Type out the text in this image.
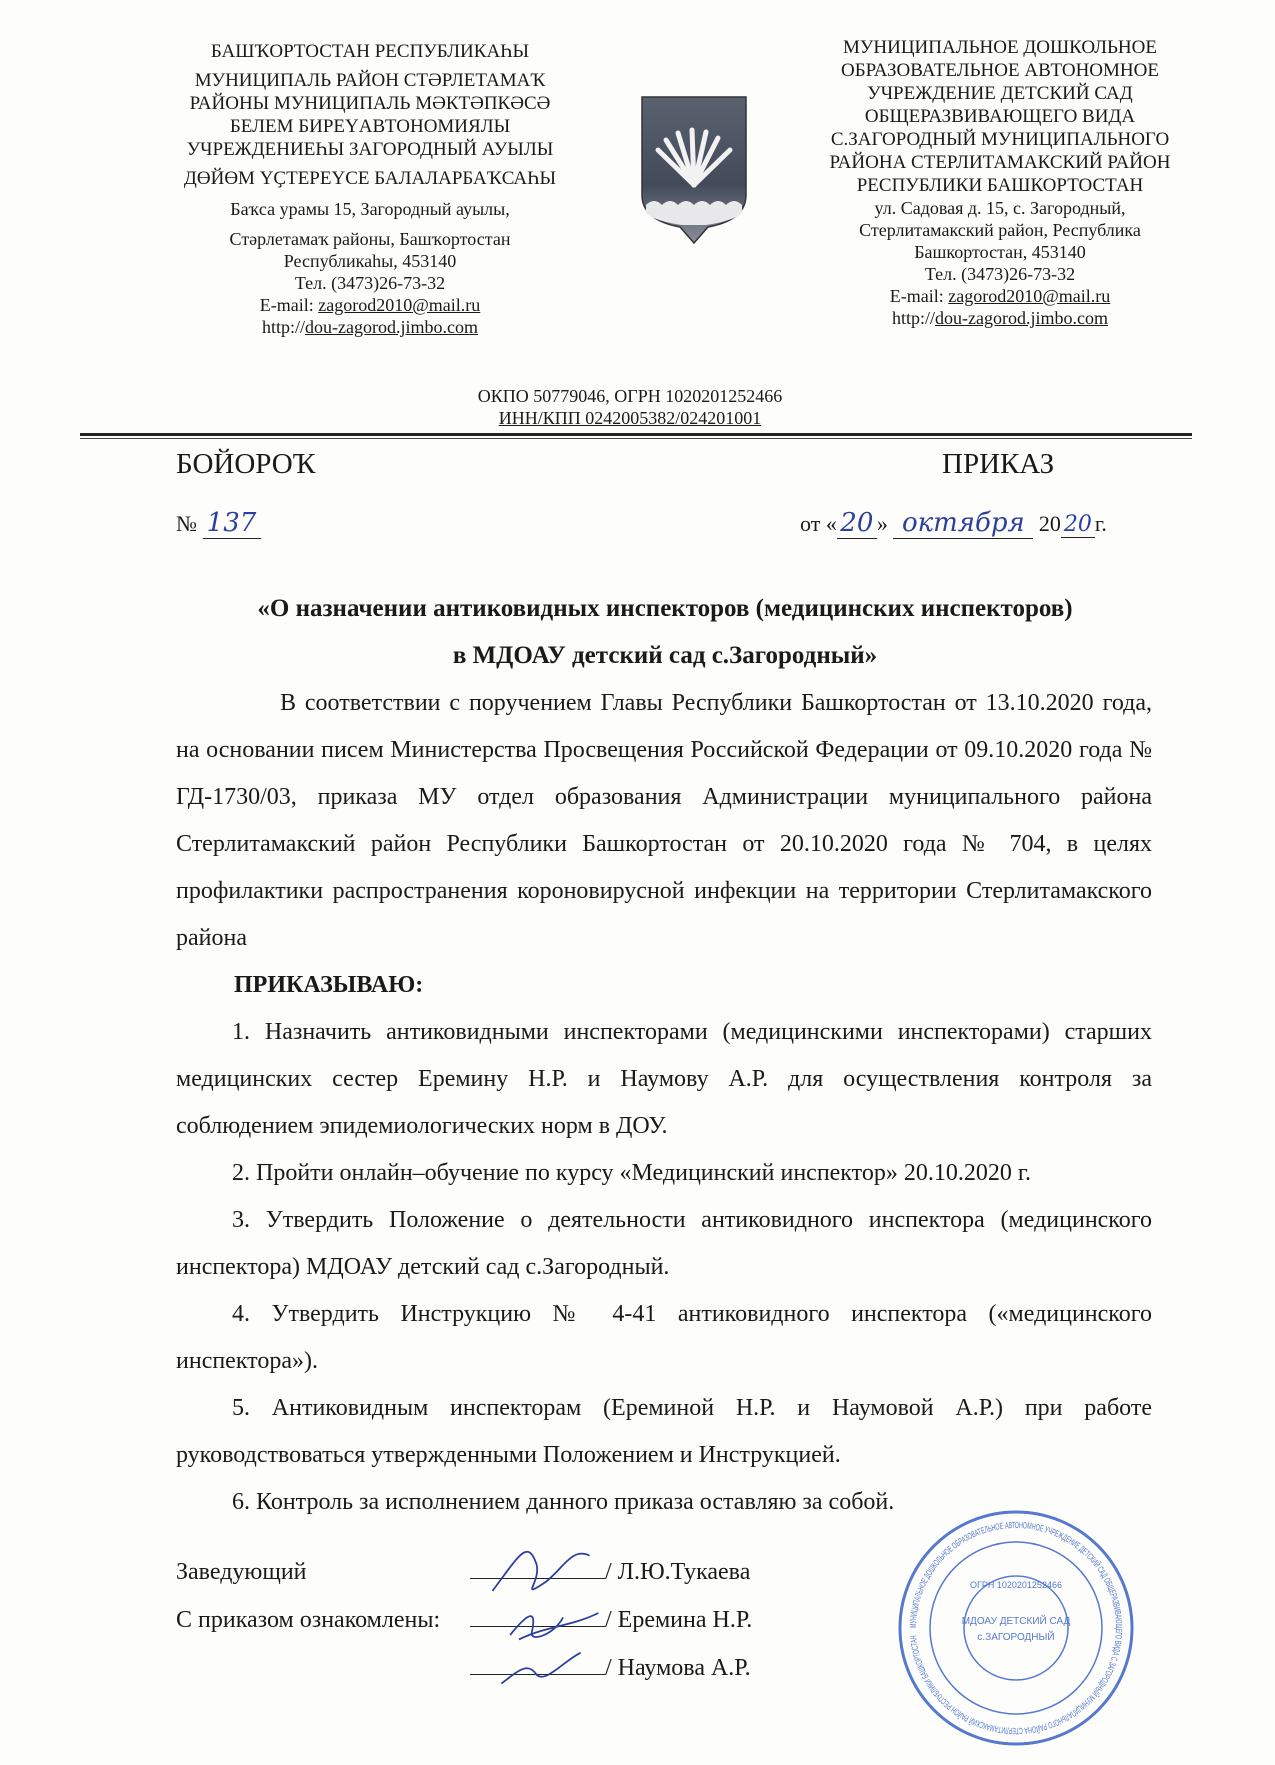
БАШҠОРТОСТАН РЕСПУБЛИКАҺЫ
МУНИЦИПАЛЬ РАЙОН СТӘРЛЕТАМАҠ
РАЙОНЫ МУНИЦИПАЛЬ МӘКТӘПКӘСӘ
БЕЛЕМ БИРЕҮАВТОНОМИЯЛЫ
УЧРЕЖДЕНИЕҺЫ ЗАГОРОДНЫЙ АУЫЛЫ
ДӨЙӨМ ҮҪТЕРЕҮСЕ БАЛАЛАРБАҠСАҺЫ
Баҡса урамы 15, Загородный ауылы,
Стәрлетамаҡ районы, Башҡортостан
Республикаһы, 453140
Тел. (3473)26-73-32
E-mail: zagorod2010@mail.ru
http://dou-zagorod.jimbo.com
МУНИЦИПАЛЬНОЕ ДОШКОЛЬНОЕ
ОБРАЗОВАТЕЛЬНОЕ АВТОНОМНОЕ
УЧРЕЖДЕНИЕ ДЕТСКИЙ САД
ОБЩЕРАЗВИВАЮЩЕГО ВИДА
С.ЗАГОРОДНЫЙ МУНИЦИПАЛЬНОГО
РАЙОНА СТЕРЛИТАМАКСКИЙ РАЙОН
РЕСПУБЛИКИ БАШКОРТОСТАН
ул. Садовая д. 15, с. Загородный,
Стерлитамакский район, Республика
Башкортостан, 453140
Тел. (3473)26-73-32
E-mail: zagorod2010@mail.ru
http://dou-zagorod.jimbo.com
ОКПО 50779046, ОГРН 1020201252466
ИНН/КПП 0242005382/024201001
БОЙОРОҠ	ПРИКАЗ
№ 137	от « 20 » октября 20 20 г.
«О назначении антиковидных инспекторов (медицинских инспекторов)
в МДОАУ детский сад с.Загородный»
В соответствии с поручением Главы Республики Башкортостан от 13.10.2020 года, на основании писем Министерства Просвещения Российской Федерации от 09.10.2020 года № ГД-1730/03, приказа МУ отдел образования Администрации муниципального района Стерлитамакский район Республики Башкортостан от 20.10.2020 года № 704, в целях профилактики распространения короновирусной инфекции на территории Стерлитамакского района
ПРИКАЗЫВАЮ:
1. Назначить антиковидными инспекторами (медицинскими инспекторами) старших медицинских сестер Еремину Н.Р. и Наумову А.Р. для осуществления контроля за соблюдением эпидемиологических норм в ДОУ.
2. Пройти онлайн–обучение по курсу «Медицинский инспектор» 20.10.2020 г.
3. Утвердить Положение о деятельности антиковидного инспектора (медицинского инспектора) МДОАУ детский сад с.Загородный.
4. Утвердить Инструкцию № 4-41 антиковидного инспектора («медицинского инспектора»).
5. Антиковидным инспекторам (Ереминой Н.Р. и Наумовой А.Р.) при работе руководствоваться утвержденными Положением и Инструкцией.
6. Контроль за исполнением данного приказа оставляю за собой.
Заведующий	/ Л.Ю.Тукаева
С приказом ознакомлены:	/ Еремина Н.Р.
/ Наумова А.Р.
МУНИЦИПАЛЬНОЕ ДОШКОЛЬНОЕ ОБРАЗОВАТЕЛЬНОЕ АВТОНОМНОЕ УЧРЕЖДЕНИЕ ДЕТСКИЙ САД ОБЩЕРАЗВИВАЮЩЕГО ВИДА С.ЗАГОРОДНЫЙ МУНИЦИПАЛЬНОГО РАЙОНА СТЕРЛИТАМАКСКИЙ РАЙОН РЕСПУБЛИКИ БАШКОРТОСТАН
ОГРН 1020201252466
МДОАУ ДЕТСКИЙ САД
с.ЗАГОРОДНЫЙ
